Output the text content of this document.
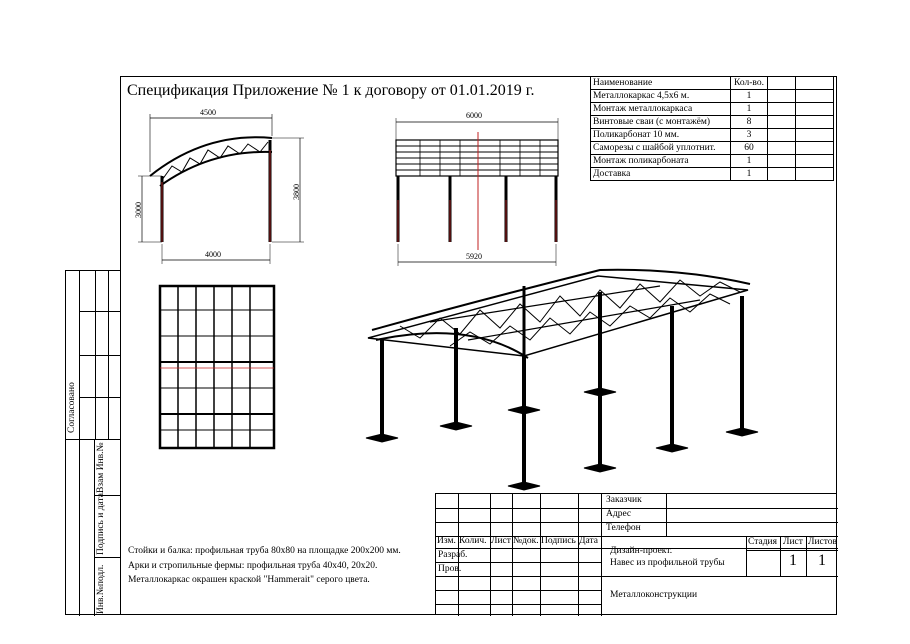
Спецификация Приложение № 1 к договору от 01.01.2019 г.	Наименование	Кол-во.		
Металлокаркас 4,5х6 м.	1		
Монтаж металлокаркаса	1		
Винтовые сваи (с монтажём)	8		
Поликарбонат 10 мм.	3		
Саморезы с шайбой уплотнит.	60		
Монтаж поликарбоната	1		
Доставка	1		
4500
4000
3000
3800
6000
5920
Согласовано
Взам Инв.№
Подпись и дата.
Инв.№подл.
Стойки и балка: профильная труба 80х80 на площадке 200х200 мм.
Арки и стропильные фермы: профильная труба 40х40, 20х20.
Металлокаркас окрашен краской "Hammerait" серого цвета.
Заказчик
Адрес
Телефон
Изм. Колич. Лист №док. Подпись Дата
Разраб.
Пров.
Дизайн-проект.
Навес из профильной трубы
Стадия Лист Листов
1 1
Металлоконструкции
